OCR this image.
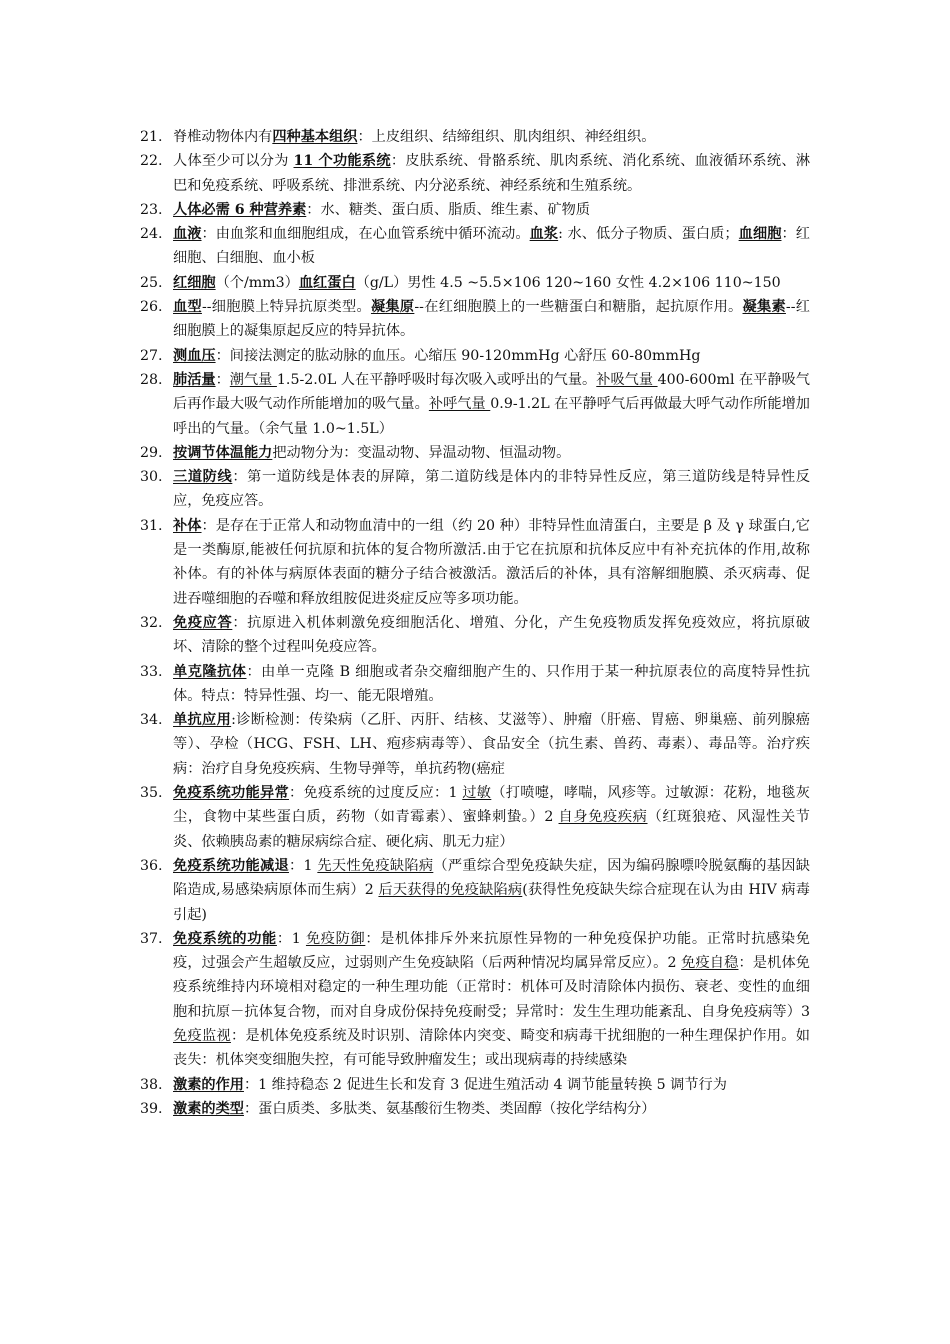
21. 脊椎动物体内有四种基本组织：上皮组织、结缔组织、肌肉组织、神经组织。
22. 人体至少可以分为 11 个功能系统：皮肤系统、骨骼系统、肌肉系统、消化系统、血液循环系统、淋巴和免疫系统、呼吸系统、排泄系统、内分泌系统、神经系统和生殖系统。
23. 人体必需 6 种营养素：水、糖类、蛋白质、脂质、维生素、矿物质
24. 血液：由血浆和血细胞组成，在心血管系统中循环流动。血浆: 水、低分子物质、蛋白质；血细胞：红细胞、白细胞、血小板
25. 红细胞（个/mm3）血红蛋白（g/L）男性 4.5 ~5.5×106 120~160 女性 4.2×106 110~150
26. 血型--细胞膜上特异抗原类型。凝集原--在红细胞膜上的一些糖蛋白和糖脂，起抗原作用。凝集素--红细胞膜上的凝集原起反应的特异抗体。
27. 测血压：间接法测定的肱动脉的血压。心缩压 90-120mmHg 心舒压 60-80mmHg
28. 肺活量：潮气量 1.5-2.0L 人在平静呼吸时每次吸入或呼出的气量。补吸气量 400-600ml 在平静吸气后再作最大吸气动作所能增加的吸气量。补呼气量 0.9-1.2L 在平静呼气后再做最大呼气动作所能增加呼出的气量。（余气量 1.0~1.5L）
29. 按调节体温能力把动物分为：变温动物、异温动物、恒温动物。
30. 三道防线：第一道防线是体表的屏障，第二道防线是体内的非特异性反应，第三道防线是特异性反应，免疫应答。
31. 补体：是存在于正常人和动物血清中的一组（约 20 种）非特异性血清蛋白，主要是 β 及 γ 球蛋白,它是一类酶原,能被任何抗原和抗体的复合物所激活.由于它在抗原和抗体反应中有补充抗体的作用,故称补体。有的补体与病原体表面的糖分子结合被激活。激活后的补体，具有溶解细胞膜、杀灭病毒、促进吞噬细胞的吞噬和释放组胺促进炎症反应等多项功能。
32. 免疫应答：抗原进入机体刺激免疫细胞活化、增殖、分化，产生免疫物质发挥免疫效应，将抗原破坏、清除的整个过程叫免疫应答。
33. 单克隆抗体：由单一克隆 B 细胞或者杂交瘤细胞产生的、只作用于某一种抗原表位的高度特异性抗体。特点：特异性强、均一、能无限增殖。
34. 单抗应用:诊断检测：传染病（乙肝、丙肝、结核、艾滋等）、肿瘤（肝癌、胃癌、卵巢癌、前列腺癌等）、孕检（HCG、FSH、LH、疱疹病毒等）、食品安全（抗生素、兽药、毒素）、毒品等。治疗疾病：治疗自身免疫疾病、生物导弹等，单抗药物(癌症
35. 免疫系统功能异常：免疫系统的过度反应：1 过敏（打喷嚏，哮喘，风疹等。过敏源：花粉，地毯灰尘，食物中某些蛋白质，药物（如青霉素）、蜜蜂刺蛰。）2 自身免疫疾病（红斑狼疮、风湿性关节炎、依赖胰岛素的糖尿病综合症、硬化病、肌无力症）
36. 免疫系统功能减退：1 先天性免疫缺陷病（严重综合型免疫缺失症，因为编码腺嘌呤脱氨酶的基因缺陷造成,易感染病原体而生病）2 后天获得的免疫缺陷病(获得性免疫缺失综合症现在认为由 HIV 病毒引起)
37. 免疫系统的功能：1 免疫防御：是机体排斥外来抗原性异物的一种免疫保护功能。正常时抗感染免疫，过强会产生超敏反应，过弱则产生免疫缺陷（后两种情况均属异常反应）。2 免疫自稳：是机体免疫系统维持内环境相对稳定的一种生理功能（正常时：机体可及时清除体内损伤、衰老、变性的血细胞和抗原－抗体复合物，而对自身成份保持免疫耐受；异常时：发生生理功能紊乱、自身免疫病等）3 免疫监视：是机体免疫系统及时识别、清除体内突变、畸变和病毒干扰细胞的一种生理保护作用。如丧失：机体突变细胞失控，有可能导致肿瘤发生；或出现病毒的持续感染
38. 激素的作用：1 维持稳态 2 促进生长和发育 3 促进生殖活动 4 调节能量转换 5 调节行为
39. 激素的类型：蛋白质类、多肽类、氨基酸衍生物类、类固醇（按化学结构分）
